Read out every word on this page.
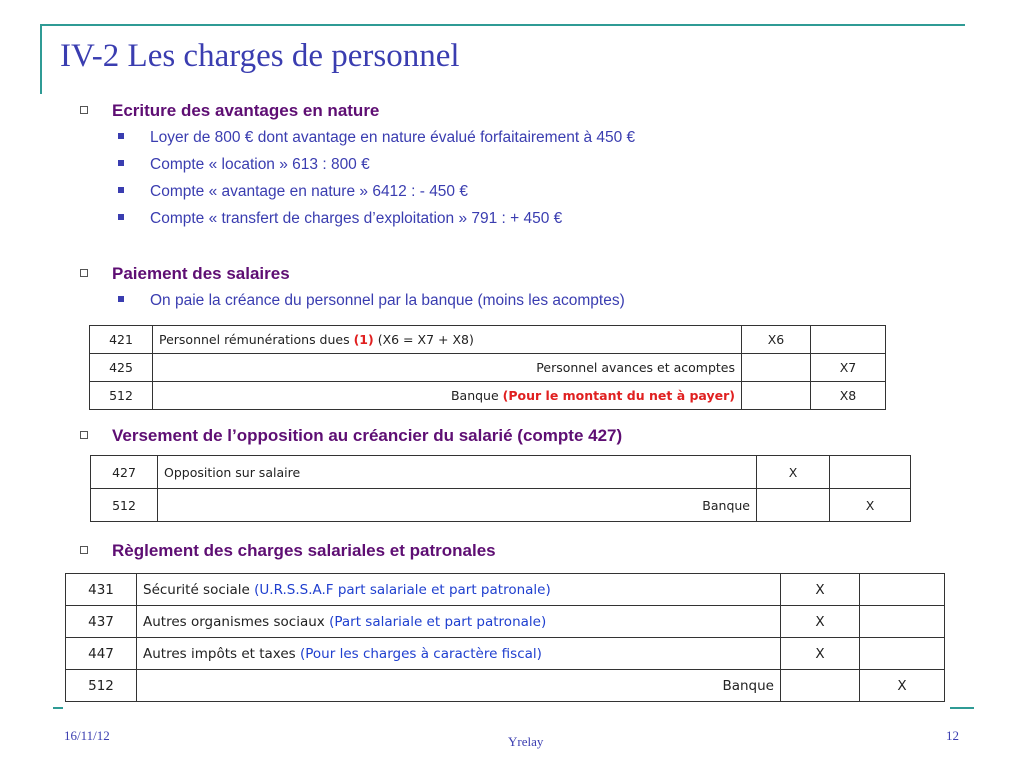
IV-2 Les charges de personnel
Ecriture des avantages en nature
Loyer de 800 € dont avantage en nature évalué forfaitairement à 450 €
Compte « location » 613 : 800 €
Compte « avantage en nature » 6412 : - 450 €
Compte « transfert de charges d’exploitation » 791 : + 450 €
Paiement des salaires
On paie la créance du personnel par la banque (moins les acomptes)
421	Personnel rémunérations dues (1) (X6 = X7 + X8)	X6	
425	Personnel avances et acomptes		X7
512	Banque (Pour le montant du net à payer)		X8
Versement de l’opposition au créancier du salarié (compte 427)
427	Opposition sur salaire	X	
512	Banque		X
Règlement des charges salariales et patronales
431	Sécurité sociale (U.R.S.S.A.F part salariale et part patronale)	X	
437	Autres organismes sociaux (Part salariale et part patronale)	X	
447	Autres impôts et taxes (Pour les charges à caractère fiscal)	X	
512	Banque		X
16/11/12	Yrelay	12
